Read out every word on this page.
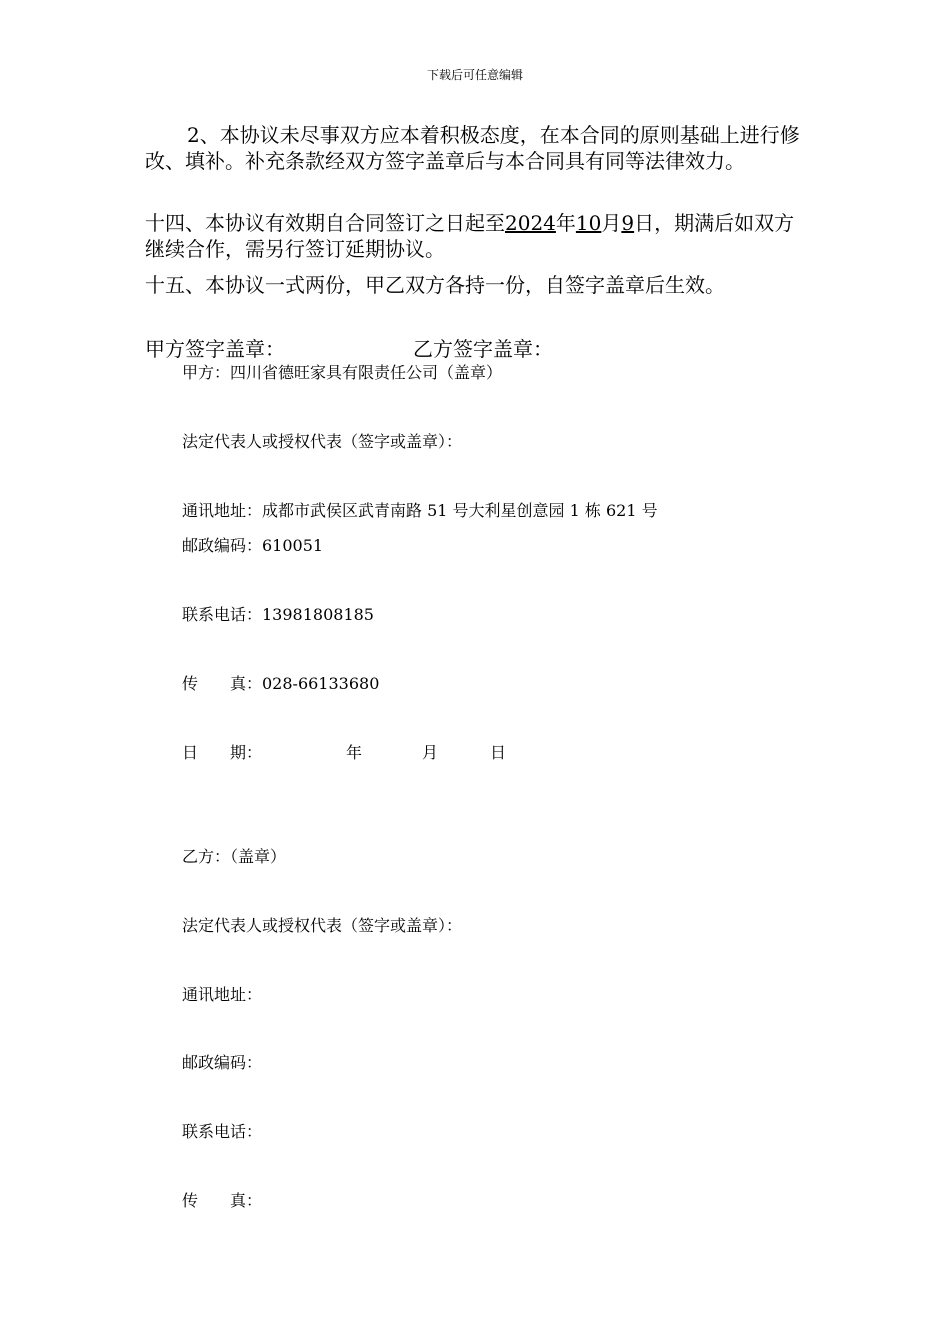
下载后可任意编辑
2、本协议未尽事双方应本着积极态度，在本合同的原则基础上进行修改、填补。补充条款经双方签字盖章后与本合同具有同等法律效力。
十四、本协议有效期自合同签订之日起至2024年10月9日，期满后如双方继续合作，需另行签订延期协议。
十五、本协议一式两份，甲乙双方各持一份，自签字盖章后生效。
甲方签字盖章：	乙方签字盖章：
甲方：四川省德旺家具有限责任公司（盖章）
法定代表人或授权代表（签字或盖章）：
通讯地址：成都市武侯区武青南路 51 号大利星创意园 1 栋 621 号
邮政编码：610051
联系电话：13981808185
传　　真：028-66133680
日　　期：	年	月	日
乙方：（盖章）
法定代表人或授权代表（签字或盖章）：
通讯地址：
邮政编码：
联系电话：
传　　真：
